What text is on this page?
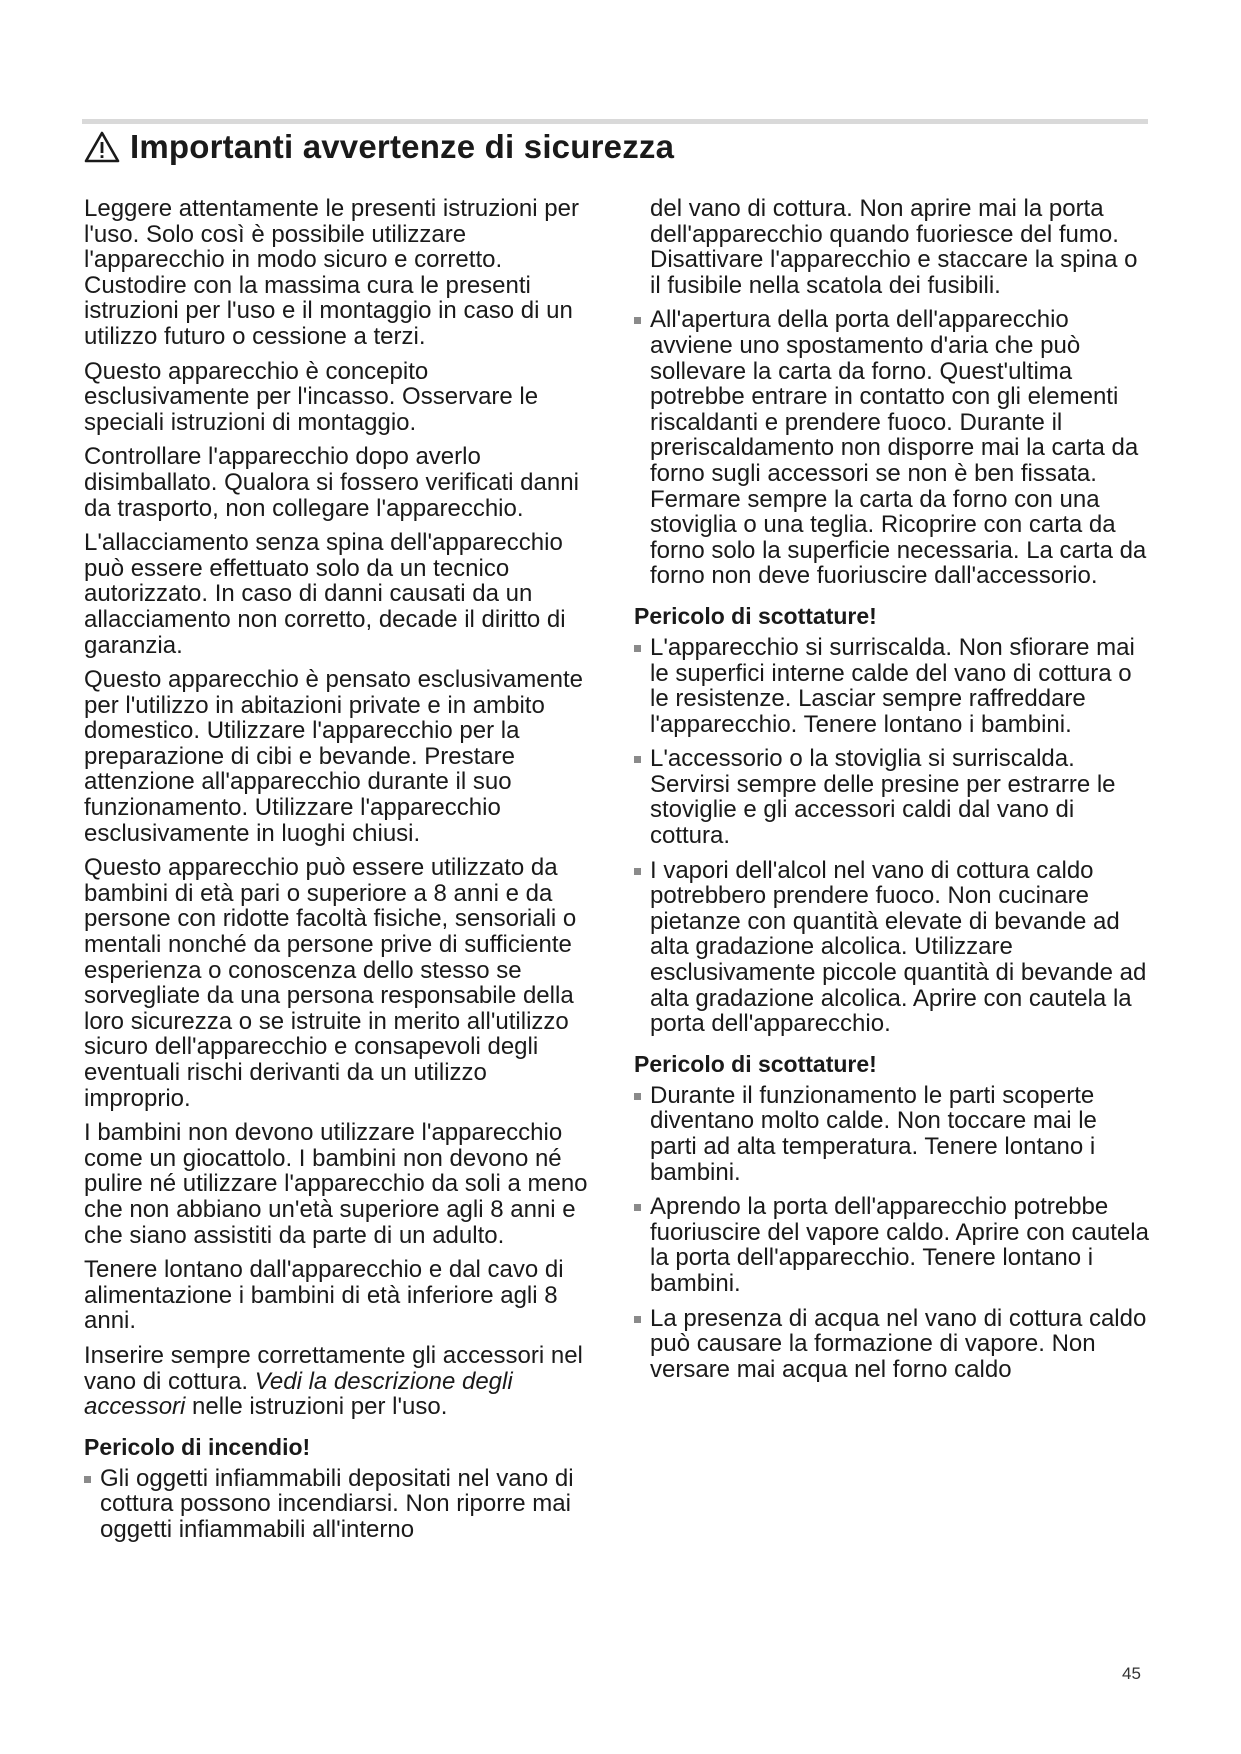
Importanti avvertenze di sicurezza

Leggere attentamente le presenti istruzioni per l'uso. Solo così è possibile utilizzare l'apparecchio in modo sicuro e corretto. Custodire con la massima cura le presenti istruzioni per l'uso e il montaggio in caso di un utilizzo futuro o cessione a terzi.

Questo apparecchio è concepito esclusivamente per l'incasso. Osservare le speciali istruzioni di montaggio.

Controllare l'apparecchio dopo averlo disimballato. Qualora si fossero verificati danni da trasporto, non collegare l'apparecchio.

L'allacciamento senza spina dell'apparecchio può essere effettuato solo da un tecnico autorizzato. In caso di danni causati da un allacciamento non corretto, decade il diritto di garanzia.

Questo apparecchio è pensato esclusivamente per l'utilizzo in abitazioni private e in ambito domestico. Utilizzare l'apparecchio per la preparazione di cibi e bevande. Prestare attenzione all'apparecchio durante il suo funzionamento. Utilizzare l'apparecchio esclusivamente in luoghi chiusi.

Questo apparecchio può essere utilizzato da bambini di età pari o superiore a 8 anni e da persone con ridotte facoltà fisiche, sensoriali o mentali nonché da persone prive di sufficiente esperienza o conoscenza dello stesso se sorvegliate da una persona responsabile della loro sicurezza o se istruite in merito all'utilizzo sicuro dell'apparecchio e consapevoli degli eventuali rischi derivanti da un utilizzo improprio.

I bambini non devono utilizzare l'apparecchio come un giocattolo. I bambini non devono né pulire né utilizzare l'apparecchio da soli a meno che non abbiano un'età superiore agli 8 anni e che siano assistiti da parte di un adulto.

Tenere lontano dall'apparecchio e dal cavo di alimentazione i bambini di età inferiore agli 8 anni.

Inserire sempre correttamente gli accessori nel vano di cottura. Vedi la descrizione degli accessori nelle istruzioni per l'uso.

Pericolo di incendio!
Gli oggetti infiammabili depositati nel vano di cottura possono incendiarsi. Non riporre mai oggetti infiammabili all'interno

del vano di cottura. Non aprire mai la porta dell'apparecchio quando fuoriesce del fumo. Disattivare l'apparecchio e staccare la spina o il fusibile nella scatola dei fusibili.

All'apertura della porta dell'apparecchio avviene uno spostamento d'aria che può sollevare la carta da forno. Quest'ultima potrebbe entrare in contatto con gli elementi riscaldanti e prendere fuoco. Durante il preriscaldamento non disporre mai la carta da forno sugli accessori se non è ben fissata. Fermare sempre la carta da forno con una stoviglia o una teglia. Ricoprire con carta da forno solo la superficie necessaria. La carta da forno non deve fuoriuscire dall'accessorio.
Pericolo di scottature!
L'apparecchio si surriscalda. Non sfiorare mai le superfici interne calde del vano di cottura o le resistenze. Lasciar sempre raffreddare l'apparecchio. Tenere lontano i bambini.
L'accessorio o la stoviglia si surriscalda. Servirsi sempre delle presine per estrarre le stoviglie e gli accessori caldi dal vano di cottura.
I vapori dell'alcol nel vano di cottura caldo potrebbero prendere fuoco. Non cucinare pietanze con quantità elevate di bevande ad alta gradazione alcolica. Utilizzare esclusivamente piccole quantità di bevande ad alta gradazione alcolica. Aprire con cautela la porta dell'apparecchio.
Pericolo di scottature!
Durante il funzionamento le parti scoperte diventano molto calde. Non toccare mai le parti ad alta temperatura. Tenere lontano i bambini.
Aprendo la porta dell'apparecchio potrebbe fuoriuscire del vapore caldo. Aprire con cautela la porta dell'apparecchio. Tenere lontano i bambini.
La presenza di acqua nel vano di cottura caldo può causare la formazione di vapore. Non versare mai acqua nel forno caldo
45
